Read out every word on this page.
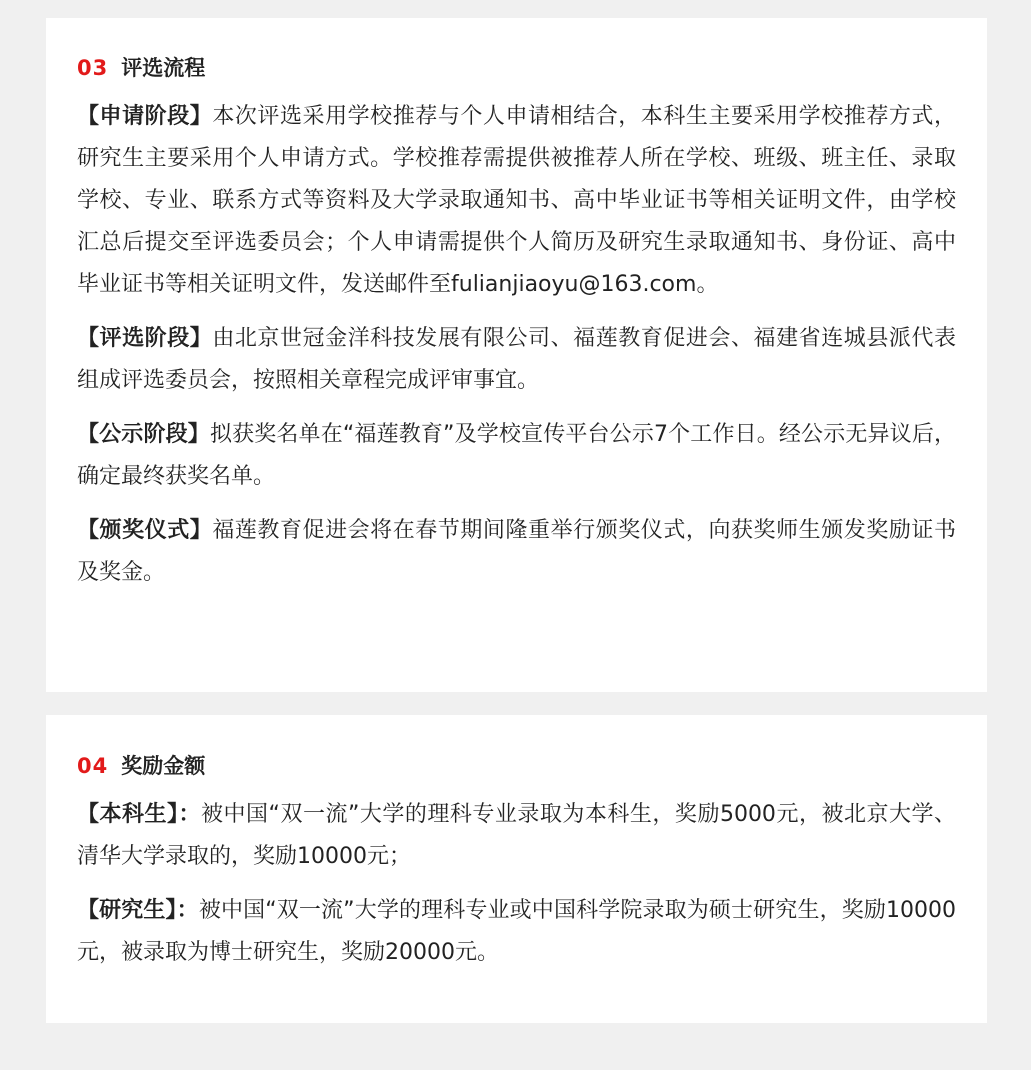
03 评选流程

【申请阶段】本次评选采用学校推荐与个人申请相结合，本科生主要采用学校推荐方式，研究生主要采用个人申请方式。学校推荐需提供被推荐人所在学校、班级、班主任、录取学校、专业、联系方式等资料及大学录取通知书、高中毕业证书等相关证明文件，由学校汇总后提交至评选委员会；个人申请需提供个人简历及研究生录取通知书、身份证、高中毕业证书等相关证明文件，发送邮件至fulianjiaoyu@163.com。

【评选阶段】由北京世冠金洋科技发展有限公司、福莲教育促进会、福建省连城县派代表组成评选委员会，按照相关章程完成评审事宜。

【公示阶段】拟获奖名单在“福莲教育”及学校宣传平台公示7个工作日。经公示无异议后，确定最终获奖名单。

【颁奖仪式】福莲教育促进会将在春节期间隆重举行颁奖仪式，向获奖师生颁发奖励证书及奖金。

04 奖励金额

【本科生】：被中国“双一流”大学的理科专业录取为本科生，奖励5000元，被北京大学、清华大学录取的，奖励10000元；

【研究生】：被中国“双一流”大学的理科专业或中国科学院录取为硕士研究生，奖励10000元，被录取为博士研究生，奖励20000元。
